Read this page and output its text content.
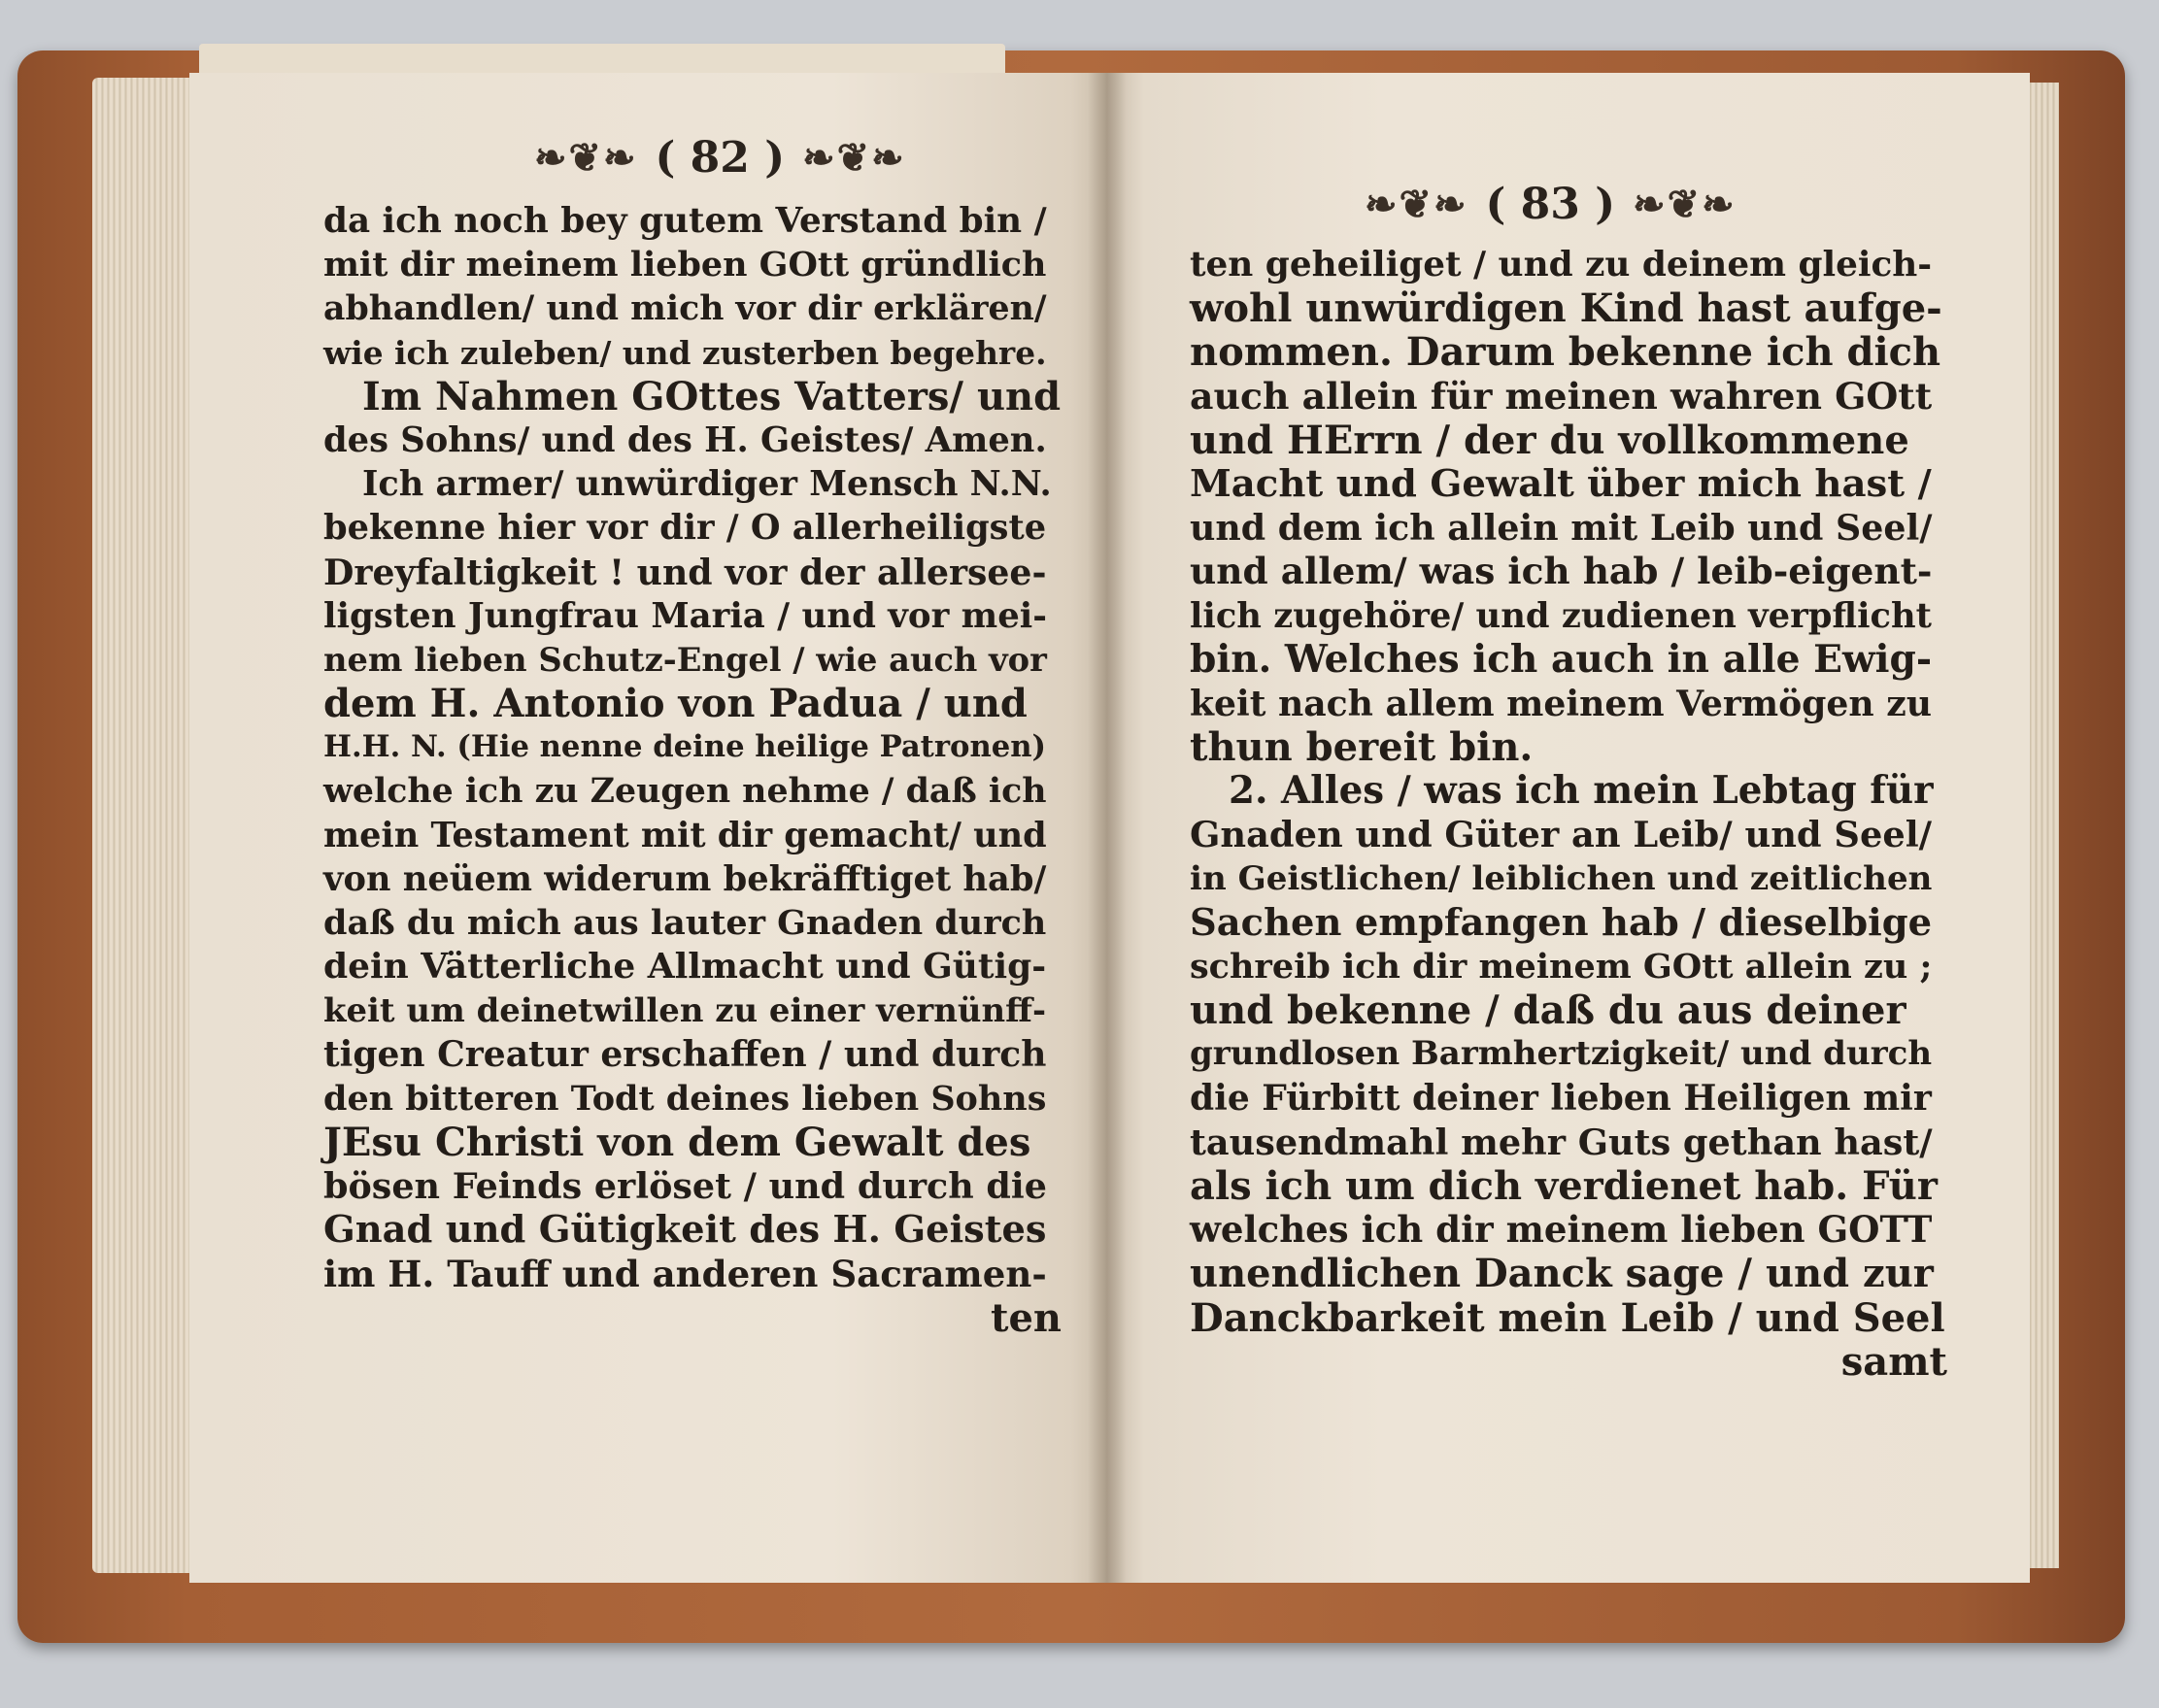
❧❦❧ ( 82 ) ❧❦❧
da ich noch bey gutem Verstand bin /
mit dir meinem lieben GOtt gründlich
abhandlen/ und mich vor dir erklären/
wie ich zuleben/ und zusterben begehre.
Im Nahmen GOttes Vatters/ und
des Sohns/ und des H. Geistes/ Amen.
Ich armer/ unwürdiger Mensch N.N.
bekenne hier vor dir / O allerheiligste
Dreyfaltigkeit ! und vor der allersee-
ligsten Jungfrau Maria / und vor mei-
nem lieben Schutz-Engel / wie auch vor
dem H. Antonio von Padua / und
H.H. N. (Hie nenne deine heilige Patronen)
welche ich zu Zeugen nehme / daß ich
mein Testament mit dir gemacht/ und
von neüem widerum bekräfftiget hab/
daß du mich aus lauter Gnaden durch
dein Vätterliche Allmacht und Gütig-
keit um deinetwillen zu einer vernünff-
tigen Creatur erschaffen / und durch
den bitteren Todt deines lieben Sohns
JEsu Christi von dem Gewalt des
bösen Feinds erlöset / und durch die
Gnad und Gütigkeit des H. Geistes
im H. Tauff und anderen Sacramen-
ten
❧❦❧ ( 83 ) ❧❦❧
ten geheiliget / und zu deinem gleich-
wohl unwürdigen Kind hast aufge-
nommen. Darum bekenne ich dich
auch allein für meinen wahren GOtt
und HErrn / der du vollkommene
Macht und Gewalt über mich hast /
und dem ich allein mit Leib und Seel/
und allem/ was ich hab / leib-eigent-
lich zugehöre/ und zudienen verpflicht
bin. Welches ich auch in alle Ewig-
keit nach allem meinem Vermögen zu
thun bereit bin.
2. Alles / was ich mein Lebtag für
Gnaden und Güter an Leib/ und Seel/
in Geistlichen/ leiblichen und zeitlichen
Sachen empfangen hab / dieselbige
schreib ich dir meinem GOtt allein zu ;
und bekenne / daß du aus deiner
grundlosen Barmhertzigkeit/ und durch
die Fürbitt deiner lieben Heiligen mir
tausendmahl mehr Guts gethan hast/
als ich um dich verdienet hab. Für
welches ich dir meinem lieben GOTT
unendlichen Danck sage / und zur
Danckbarkeit mein Leib / und Seel
samt
